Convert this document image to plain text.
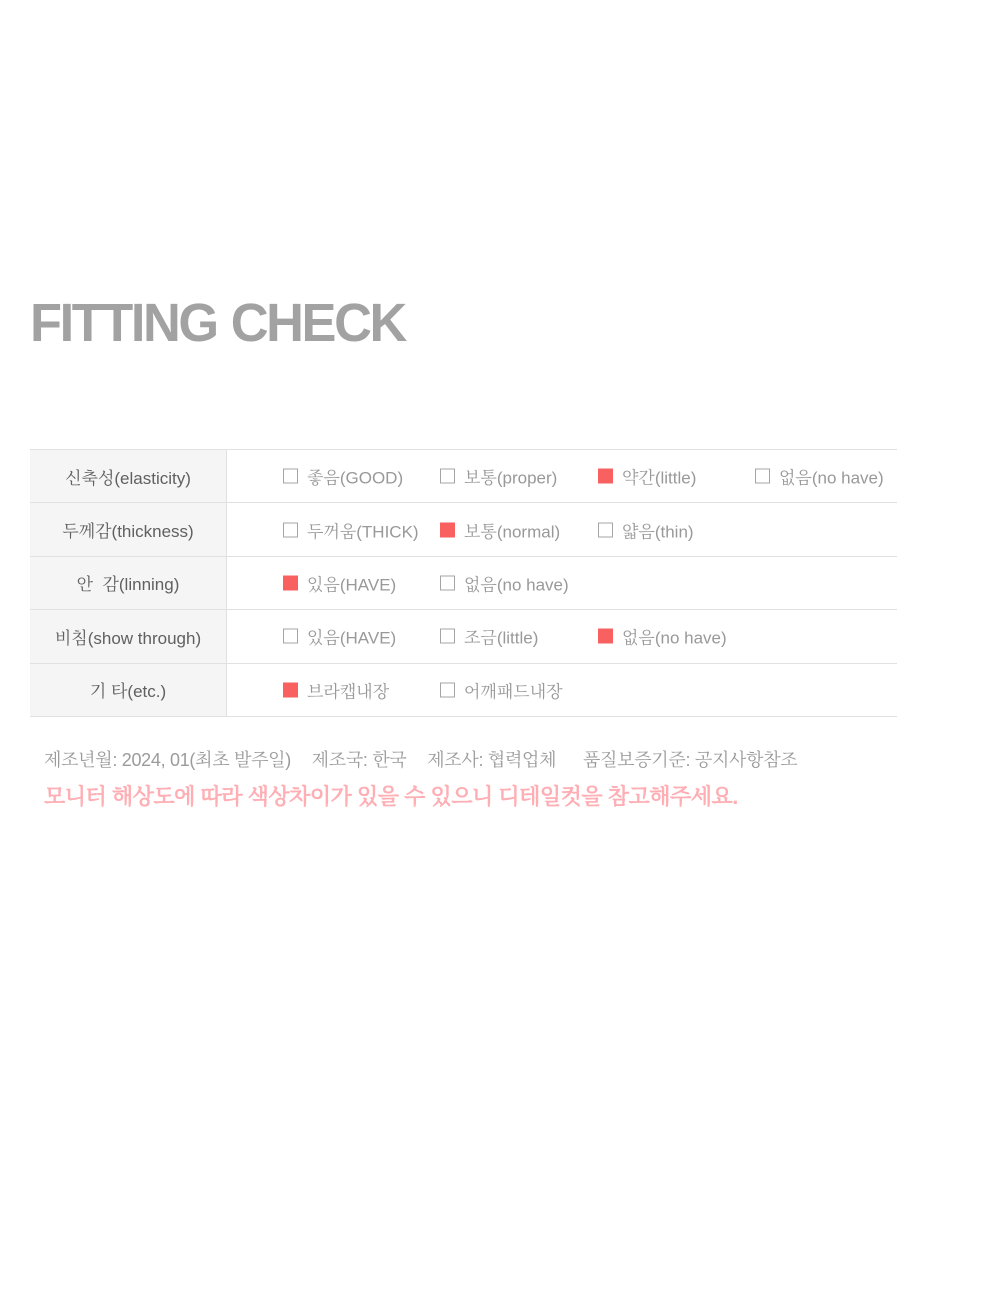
FITTING CHECK
신축성(elasticity)	좋음(GOOD)	보통(proper)	약간(little)	없음(no have)
두께감(thickness)	두꺼움(THICK)	보통(normal)	얇음(thin)
안  감(linning)	있음(HAVE)	없음(no have)
비침(show through)	있음(HAVE)	조금(little)	없음(no have)
기 타(etc.)	브라캡내장	어깨패드내장
제조년월: 2024, 01(최초 발주일) 제조국: 한국 제조사: 협력업체 품질보증기준: 공지사항참조
모니터 해상도에 따라 색상차이가 있을 수 있으니 디테일컷을 참고해주세요.
